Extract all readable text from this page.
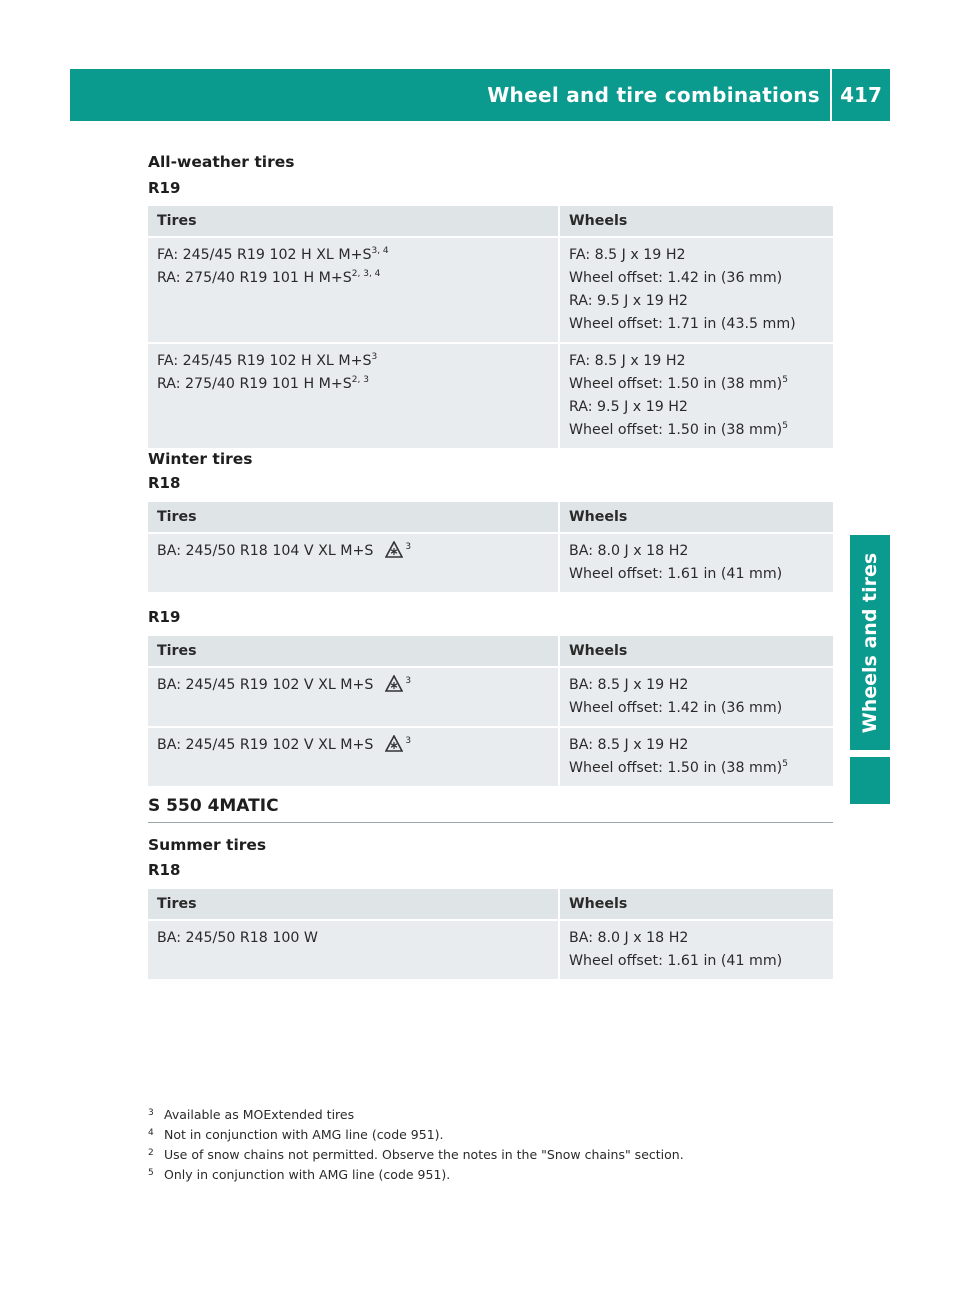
Wheel and tire combinations	417
Wheels and tires
All-weather tires
R19
Tires	Wheels

FA: 245/45 R19 102 H XL $M+S^{3, 4}$
RA: 275/40 R19 101 H $M+S^{2, 3, 4}$	FA: 8.5 J x 19 H2
Wheel offset: 1.42 in (36 mm)
RA: 9.5 J x 19 H2
Wheel offset: 1.71 in (43.5 mm)

FA: 245/45 R19 102 H XL $M+S^3$
RA: 275/40 R19 101 H $M+S^{2, 3}$	FA: 8.5 J x 19 H2
Wheel offset: 1.50 in (38 mm)$^5$
RA: 9.5 J x 19 H2
Wheel offset: 1.50 in (38 mm)$^5$
Winter tires
R18
Tires	Wheels

BA: 245/50 R18 104 V XL M+S $^3$	BA: 8.0 J x 18 H2
Wheel offset: 1.61 in (41 mm)
R19
Tires	Wheels

BA: 245/45 R19 102 V XL M+S $^3$	BA: 8.5 J x 19 H2
Wheel offset: 1.42 in (36 mm)

BA: 245/45 R19 102 V XL M+S $^3$	BA: 8.5 J x 19 H2
Wheel offset: 1.50 in (38 mm)$^5$
S 550 4MATIC
Summer tires
R18
Tires	Wheels

BA: 245/50 R18 100 W	BA: 8.0 J x 18 H2
Wheel offset: 1.61 in (41 mm)
3 Available as MOExtended tires
4 Not in conjunction with AMG line (code 951).
2 Use of snow chains not permitted. Observe the notes in the "Snow chains" section.
5 Only in conjunction with AMG line (code 951).
